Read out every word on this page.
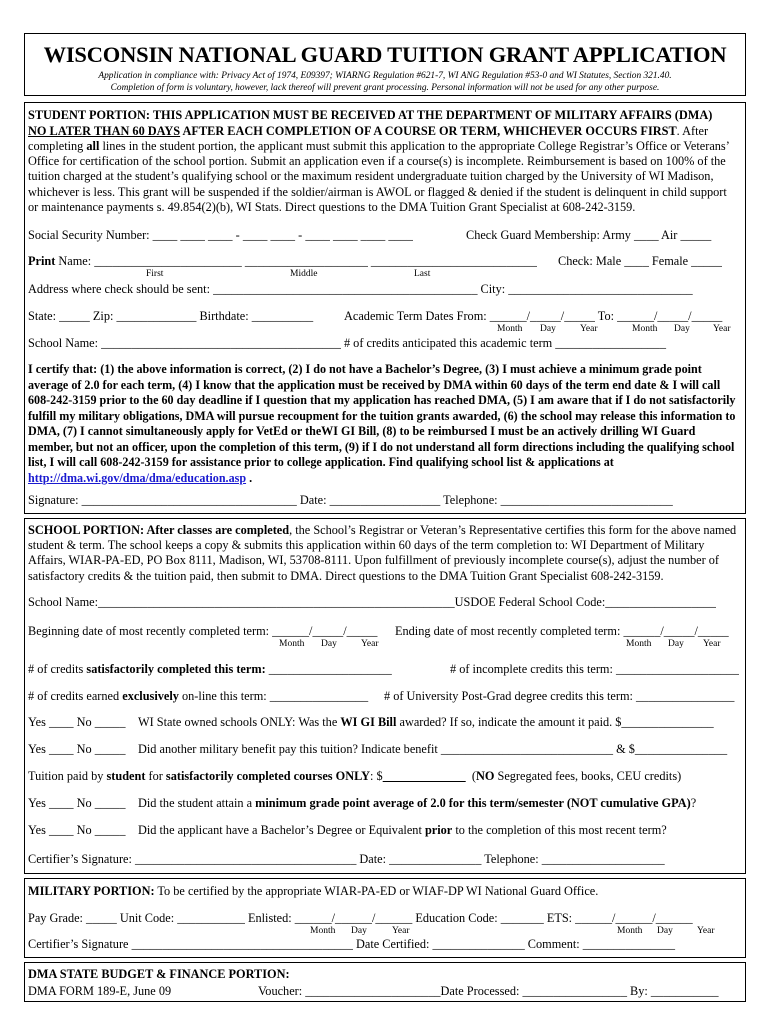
WISCONSIN NATIONAL GUARD TUITION GRANT APPLICATION
Application in compliance with: Privacy Act of 1974, E09397; WIARNG Regulation #621-7, WI ANG Regulation #53-0 and WI Statutes, Section 321.40.
Completion of form is voluntary, however, lack thereof will prevent grant processing. Personal information will not be used for any other purpose.
STUDENT PORTION: THIS APPLICATION MUST BE RECEIVED AT THE DEPARTMENT OF MILITARY AFFAIRS (DMA)
NO LATER THAN 60 DAYS AFTER EACH COMPLETION OF A COURSE OR TERM, WHICHEVER OCCURS FIRST. After
completing all lines in the student portion, the applicant must submit this application to the appropriate College Registrar’s Office or Veterans’ Office for certification of the school portion. Submit an application even if a course(s) is incomplete. Reimbursement is based on 100% of the tuition charged at the student’s qualifying school or the maximum resident undergraduate tuition charged by the University of WI Madison, whichever is less. This grant will be suspended if the soldier/airman is AWOL or flagged & denied if the student is delinquent in child support or maintenance payments s. 49.854(2)(b), WI Stats. Direct questions to the DMA Tuition Grant Specialist at 608-242-3159.
Social Security Number: ____ ____ ____ - ____ ____ - ____ ____ ____ ____	Check Guard Membership: Army ____ Air _____
Print Name: ________________________ ____________________ ___________________________ Check: Male ____ Female _____
First	Middle	Last
Address where check should be sent: ___________________________________________ City: ______________________________
State: _____ Zip: _____________ Birthdate: __________	Academic Term Dates From: ______/_____/_____ To: ______/_____/_____
Month Day	Year	Month Day Year
School Name: _______________________________________ # of credits anticipated this academic term __________________
I certify that: (1) the above information is correct, (2) I do not have a Bachelor’s Degree, (3) I must achieve a minimum grade point average of 2.0 for each term, (4) I know that the application must be received by DMA within 60 days of the term end date & I will call 608-242-3159 prior to the 60 day deadline if I question that my application has reached DMA, (5) I am aware that if I do not satisfactorily fulfill my military obligations, DMA will pursue recoupment for the tuition grants awarded, (6) the school may release this information to DMA, (7) I cannot simultaneously apply for VetEd or theWI GI Bill, (8) to be reimbursed I must be an actively drilling WI Guard member, but not an officer, upon the completion of this term, (9) if I do not understand all form directions including the qualifying school list, I will call 608-242-3159 for assistance prior to college application. Find qualifying school list & applications at http://dma.wi.gov/dma/dma/education.asp .
Signature: ___________________________________ Date: __________________ Telephone: ____________________________
SCHOOL PORTION: After classes are completed, the School’s Registrar or Veteran’s Representative certifies this form for the above named student & term. The school keeps a copy & submits this application within 60 days of the term completion to: WI Department of Military Affairs, WIAR-PA-ED, PO Box 8111, Madison, WI, 53708-8111. Upon fulfillment of previously incomplete course(s), adjust the number of satisfactory credits & the tuition paid, then submit to DMA. Direct questions to the DMA Tuition Grant Specialist 608-242-3159.
School Name:__________________________________________________________USDOE Federal School Code:__________________
Beginning date of most recently completed term: ______/_____/_____ Ending date of most recently completed term: ______/_____/_____
Month Day	Year	Month Day Year
# of credits satisfactorily completed this term: ____________________	# of incomplete credits this term: ____________________
# of credits earned exclusively on-line this term: ________________ # of University Post-Grad degree credits this term: ________________
Yes ____ No _____ WI State owned schools ONLY: Was the WI GI Bill awarded? If so, indicate the amount it paid. $_______________
Yes ____ No _____ Did another military benefit pay this tuition? Indicate benefit ____________________________ & $_______________
Tuition paid by student for satisfactorily completed courses ONLY: $	(NO Segregated fees, books, CEU credits)
Yes ____ No _____ Did the student attain a minimum grade point average of 2.0 for this term/semester (NOT cumulative GPA)?
Yes ____ No _____ Did the applicant have a Bachelor’s Degree or Equivalent prior to the completion of this most recent term?
Certifier’s Signature: ____________________________________ Date: _______________ Telephone: ____________________
MILITARY PORTION: To be certified by the appropriate WIAR-PA-ED or WIAF-DP WI National Guard Office.
Pay Grade: _____ Unit Code: ___________ Enlisted: ______/______/______ Education Code: _______ ETS: ______/______/______
Month Day	Year	Month Day	Year
Certifier’s Signature ____________________________________ Date Certified: _______________ Comment: _______________
DMA STATE BUDGET & FINANCE PORTION:
DMA FORM 189-E, June 09	Voucher: ______________________Date Processed: _________________ By: ___________
